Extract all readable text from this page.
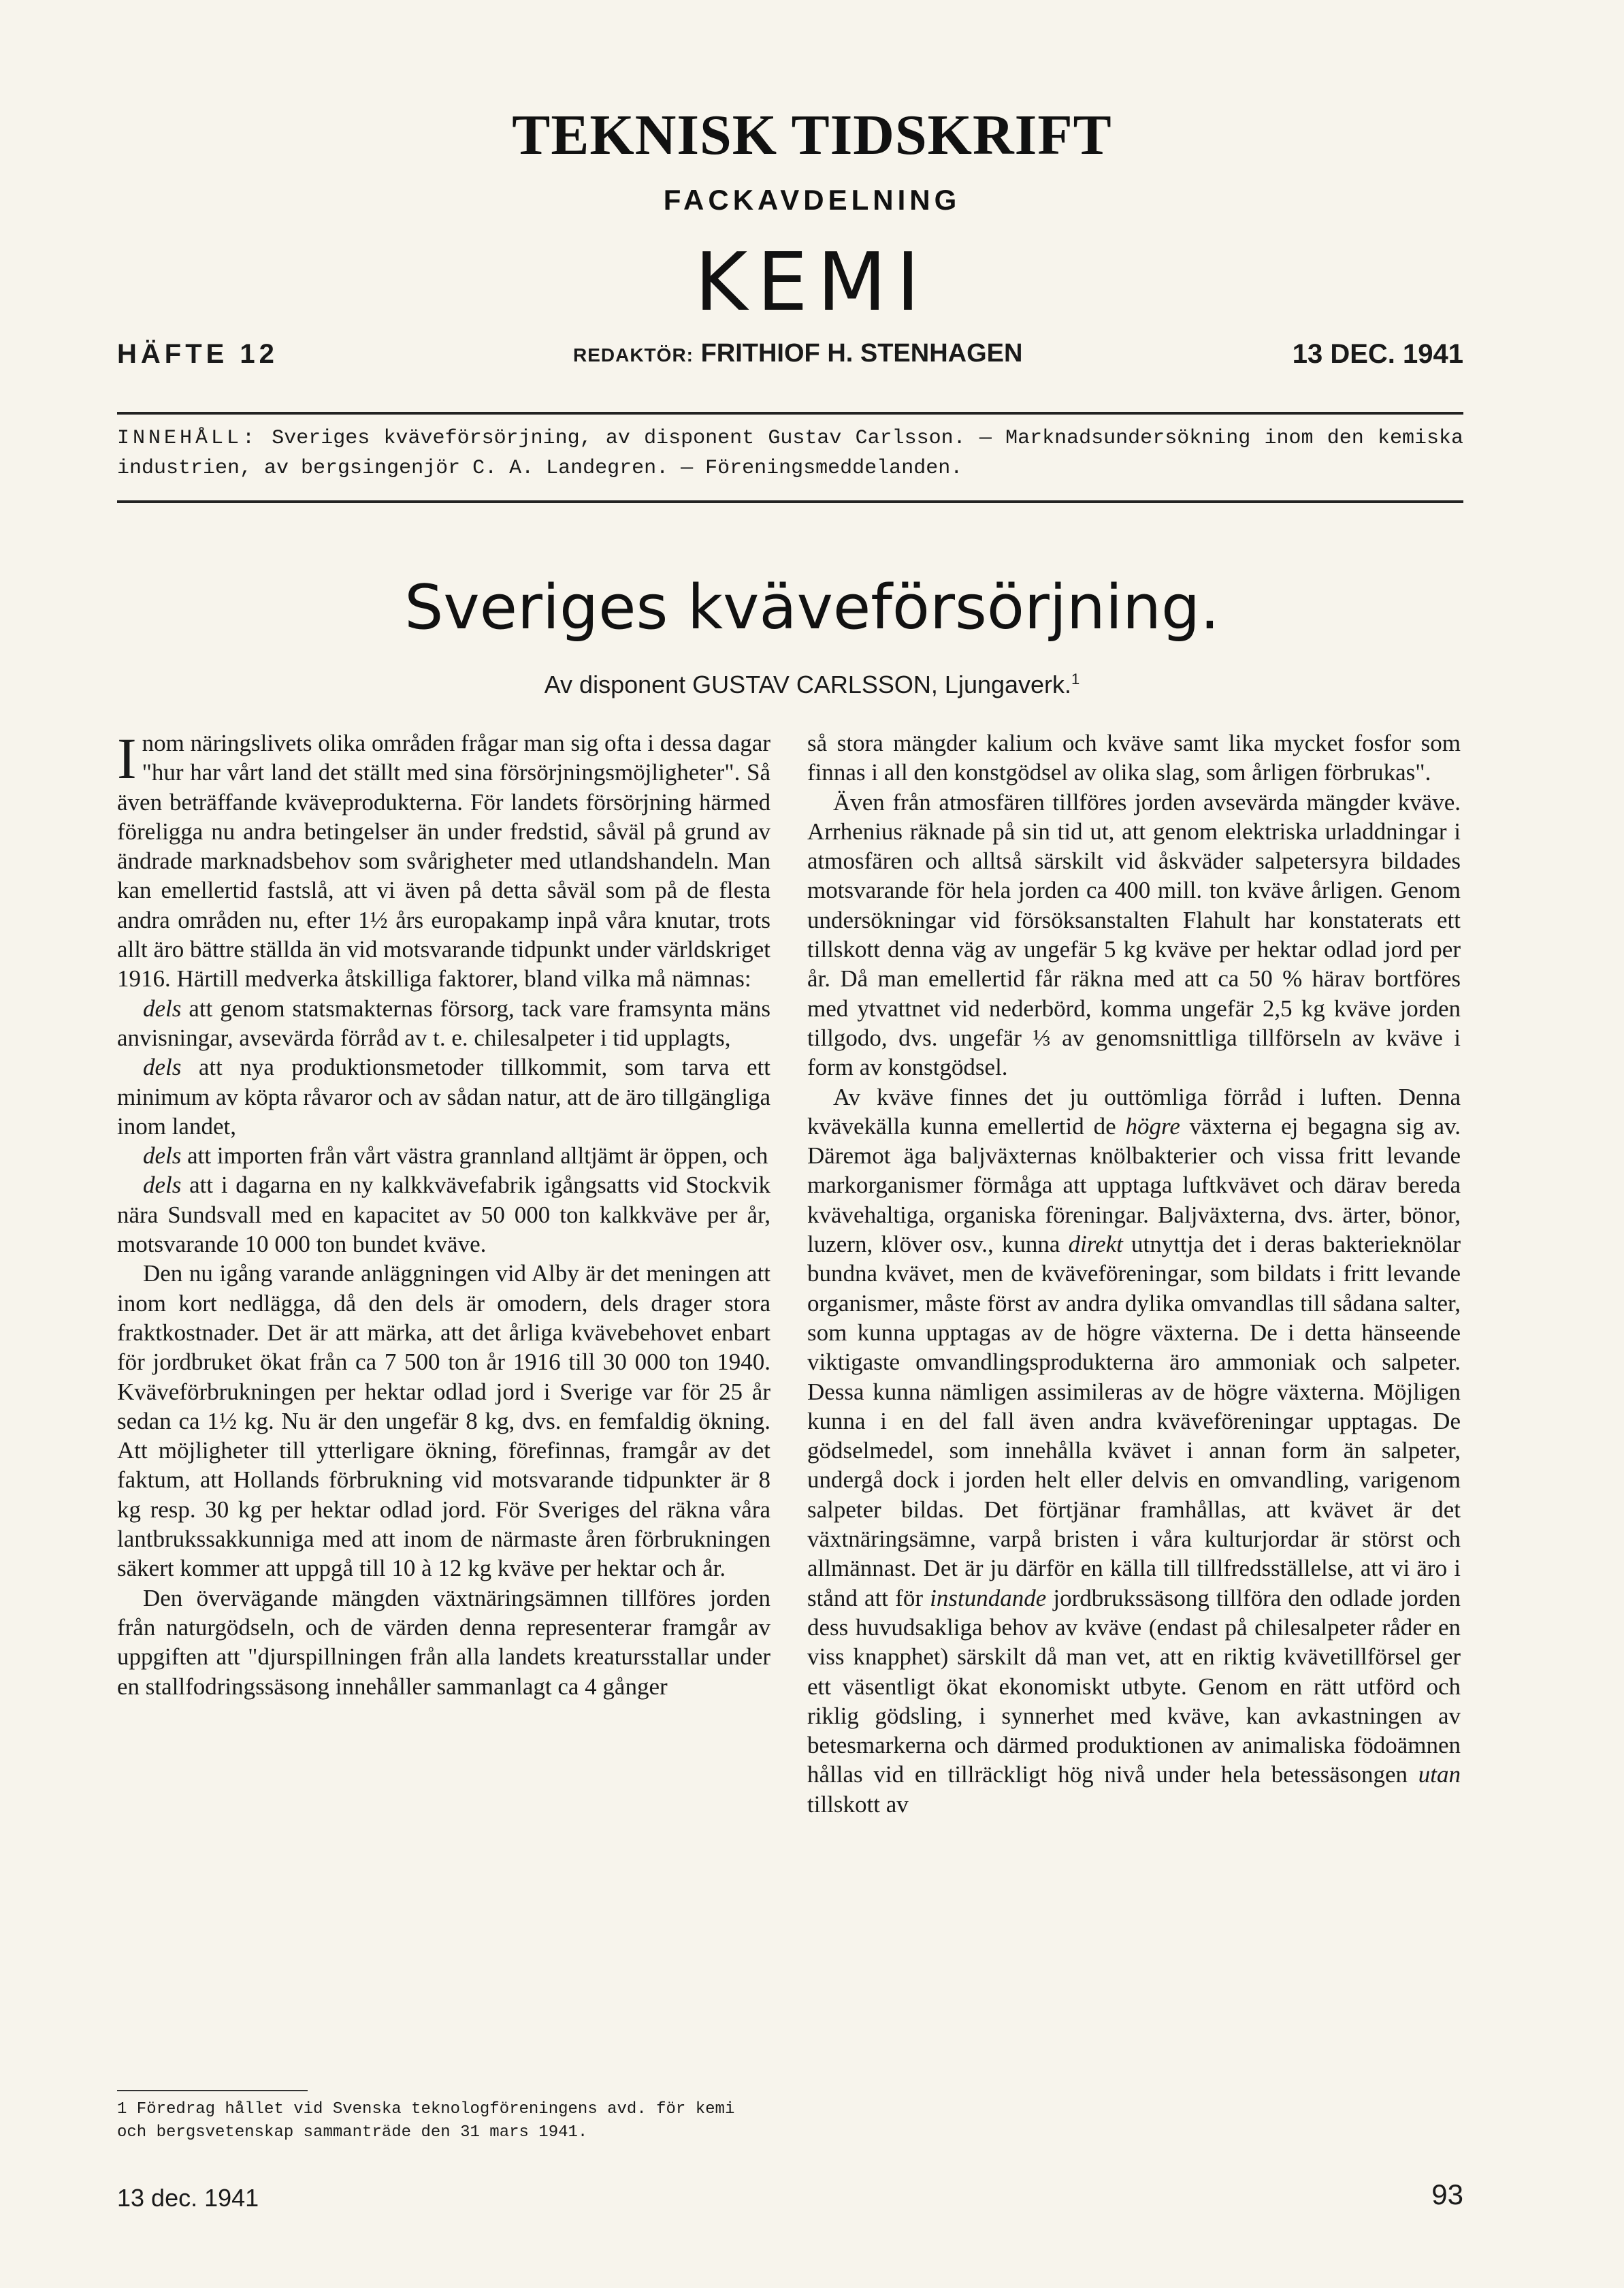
TEKNISK TIDSKRIFT
FACKAVDELNING
KEMI
HÄFTE 12	REDAKTÖR: FRITHIOF H. STENHAGEN	13 DEC. 1941
INNEHÅLL: Sveriges kväveförsörjning, av disponent Gustav Carlsson. — Marknadsundersökning inom den kemiska industrien, av bergsingenjör C. A. Landegren. — Föreningsmeddelanden.
Sveriges kväveförsörjning.
Av disponent GUSTAV CARLSSON, Ljungaverk.$^1$

Inom näringslivets olika områden frågar man sig ofta i dessa dagar "hur har vårt land det ställt med sina försörjningsmöjligheter". Så även beträffande kväveprodukterna. För landets försörjning härmed föreligga nu andra betingelser än under fredstid, såväl på grund av ändrade marknadsbehov som svårigheter med utlandshandeln. Man kan emellertid fastslå, att vi även på detta såväl som på de flesta andra områden nu, efter 1½ års europakamp inpå våra knutar, trots allt äro bättre ställda än vid motsvarande tidpunkt under världskriget 1916. Härtill medverka åtskilliga faktorer, bland vilka må nämnas:

dels att genom statsmakternas försorg, tack vare framsynta mäns anvisningar, avsevärda förråd av t. e. chilesalpeter i tid upplagts,

dels att nya produktionsmetoder tillkommit, som tarva ett minimum av köpta råvaror och av sådan natur, att de äro tillgängliga inom landet,

dels att importen från vårt västra grannland alltjämt är öppen, och

dels att i dagarna en ny kalkkvävefabrik igångsatts vid Stockvik nära Sundsvall med en kapacitet av 50 000 ton kalkkväve per år, motsvarande 10 000 ton bundet kväve.

Den nu igång varande anläggningen vid Alby är det meningen att inom kort nedlägga, då den dels är omodern, dels drager stora fraktkostnader. Det är att märka, att det årliga kvävebehovet enbart för jordbruket ökat från ca 7 500 ton år 1916 till 30 000 ton 1940. Kväveförbrukningen per hektar odlad jord i Sverige var för 25 år sedan ca 1½ kg. Nu är den ungefär 8 kg, dvs. en femfaldig ökning. Att möjligheter till ytterligare ökning, förefinnas, framgår av det faktum, att Hollands förbrukning vid motsvarande tidpunkter är 8 kg resp. 30 kg per hektar odlad jord. För Sveriges del räkna våra lantbrukssakkunniga med att inom de närmaste åren förbrukningen säkert kommer att uppgå till 10 à 12 kg kväve per hektar och år.

Den övervägande mängden växtnäringsämnen tillföres jorden från naturgödseln, och de värden denna representerar framgår av uppgiften att "djurspillningen från alla landets kreatursstallar under en stallfodringssäsong innehåller sammanlagt ca 4 gånger

så stora mängder kalium och kväve samt lika mycket fosfor som finnas i all den konstgödsel av olika slag, som årligen förbrukas".

Även från atmosfären tillföres jorden avsevärda mängder kväve. Arrhenius räknade på sin tid ut, att genom elektriska urladdningar i atmosfären och alltså särskilt vid åskväder salpetersyra bildades motsvarande för hela jorden ca 400 mill. ton kväve årligen. Genom undersökningar vid försöksanstalten Flahult har konstaterats ett tillskott denna väg av ungefär 5 kg kväve per hektar odlad jord per år. Då man emellertid får räkna med att ca 50 % härav bortföres med ytvattnet vid nederbörd, komma ungefär 2,5 kg kväve jorden tillgodo, dvs. ungefär ⅓ av genomsnittliga tillförseln av kväve i form av konstgödsel.

Av kväve finnes det ju outtömliga förråd i luften. Denna kvävekälla kunna emellertid de högre växterna ej begagna sig av. Däremot äga baljväxternas knölbakterier och vissa fritt levande markorganismer förmåga att upptaga luftkvävet och därav bereda kvävehaltiga, organiska föreningar. Baljväxterna, dvs. ärter, bönor, luzern, klöver osv., kunna direkt utnyttja det i deras bakterieknölar bundna kvävet, men de kväveföreningar, som bildats i fritt levande organismer, måste först av andra dylika omvandlas till sådana salter, som kunna upptagas av de högre växterna. De i detta hänseende viktigaste omvandlingsprodukterna äro ammoniak och salpeter. Dessa kunna nämligen assimileras av de högre växterna. Möjligen kunna i en del fall även andra kväveföreningar upptagas. De gödselmedel, som innehålla kvävet i annan form än salpeter, undergå dock i jorden helt eller delvis en omvandling, varigenom salpeter bildas. Det förtjänar framhållas, att kvävet är det växtnäringsämne, varpå bristen i våra kulturjordar är störst och allmännast. Det är ju därför en källa till tillfredsställelse, att vi äro i stånd att för instundande jordbrukssäsong tillföra den odlade jorden dess huvudsakliga behov av kväve (endast på chilesalpeter råder en viss knapphet) särskilt då man vet, att en riktig kvävetillförsel ger ett väsentligt ökat ekonomiskt utbyte. Genom en rätt utförd och riklig gödsling, i synnerhet med kväve, kan avkastningen av betesmarkerna och därmed produktionen av animaliska födoämnen hållas vid en tillräckligt hög nivå under hela betessäsongen utan tillskott av

1 Föredrag hållet vid Svenska teknologföreningens avd. för kemi och bergsvetenskap sammanträde den 31 mars 1941.
13 dec. 1941	93
